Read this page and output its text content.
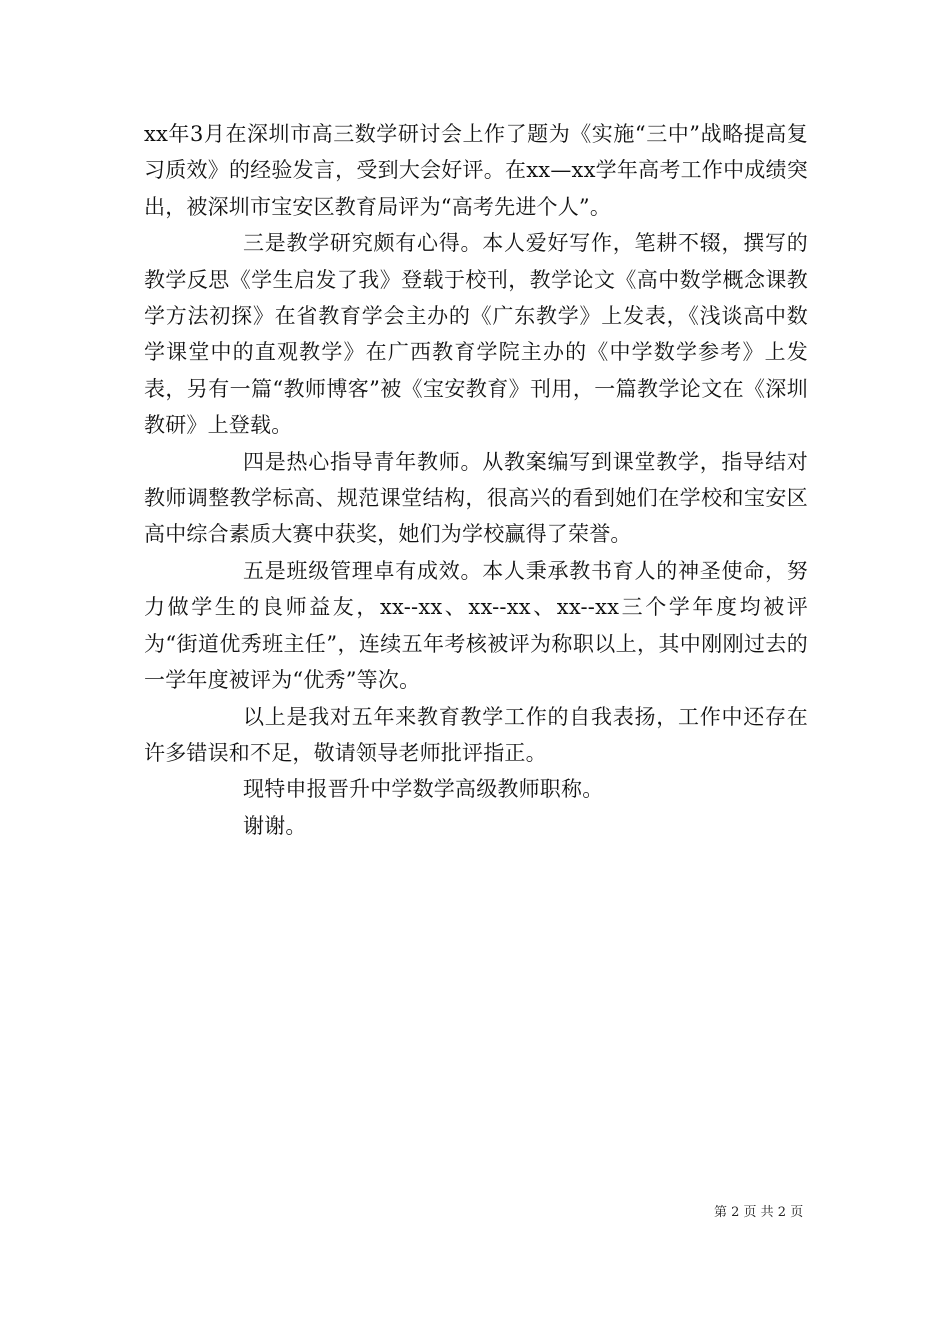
xx年3月在深圳市高三数学研讨会上作了题为《实施“三中”战略提高复习质效》的经验发言，受到大会好评。在xx—xx学年高考工作中成绩突出，被深圳市宝安区教育局评为“高考先进个人”。

三是教学研究颇有心得。本人爱好写作，笔耕不辍，撰写的教学反思《学生启发了我》登载于校刊，教学论文《高中数学概念课教学方法初探》在省教育学会主办的《广东教学》上发表，《浅谈高中数学课堂中的直观教学》在广西教育学院主办的《中学数学参考》上发表，另有一篇“教师博客”被《宝安教育》刊用，一篇教学论文在《深圳教研》上登载。

四是热心指导青年教师。从教案编写到课堂教学，指导结对教师调整教学标高、规范课堂结构，很高兴的看到她们在学校和宝安区高中综合素质大赛中获奖，她们为学校赢得了荣誉。

五是班级管理卓有成效。本人秉承教书育人的神圣使命，努力做学生的良师益友，xx--xx、xx--xx、xx--xx三个学年度均被评为“街道优秀班主任”，连续五年考核被评为称职以上，其中刚刚过去的一学年度被评为“优秀”等次。

以上是我对五年来教育教学工作的自我表扬，工作中还存在许多错误和不足，敬请领导老师批评指正。

现特申报晋升中学数学高级教师职称。

谢谢。

第 2 页 共 2 页
